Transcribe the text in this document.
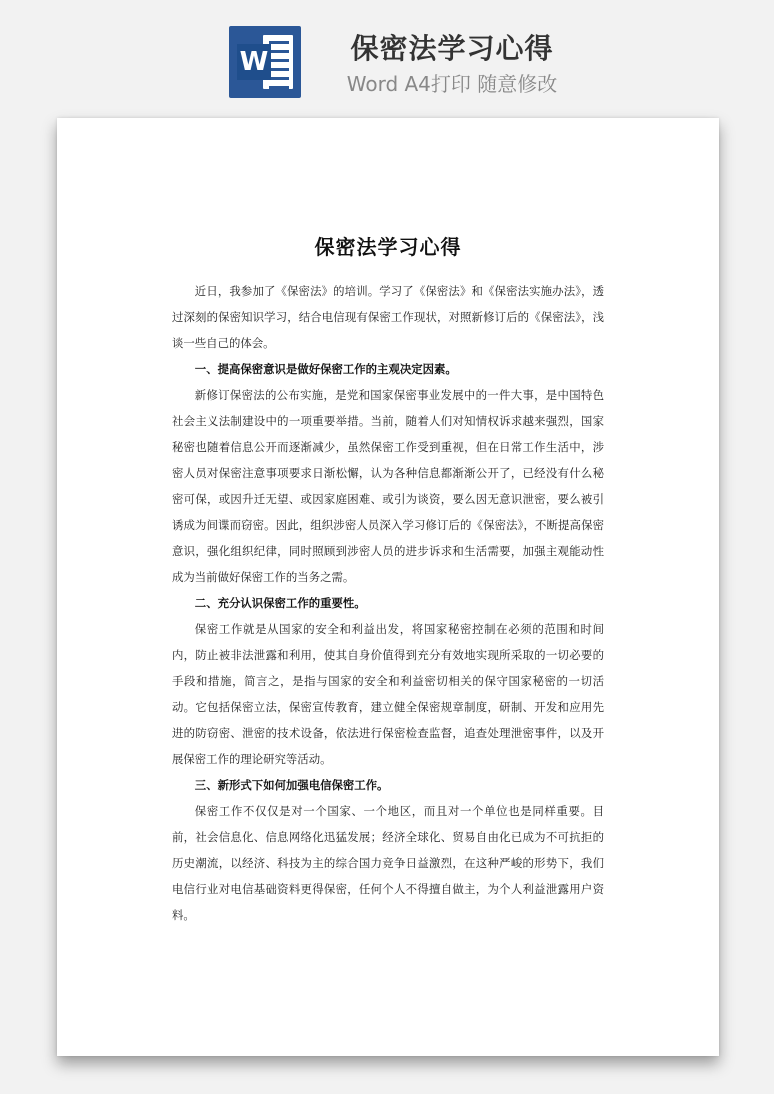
W	保密法学习心得
Word A4打印 随意修改
保密法学习心得

近日，我参加了《保密法》的培训。学习了《保密法》和《保密法实施办法》，透过深刻的保密知识学习，结合电信现有保密工作现状，对照新修订后的《保密法》，浅谈一些自己的体会。

一、提高保密意识是做好保密工作的主观决定因素。

新修订保密法的公布实施，是党和国家保密事业发展中的一件大事，是中国特色社会主义法制建设中的一项重要举措。当前，随着人们对知情权诉求越来强烈，国家秘密也随着信息公开而逐渐减少，虽然保密工作受到重视，但在日常工作生活中，涉密人员对保密注意事项要求日渐松懈，认为各种信息都渐渐公开了，已经没有什么秘密可保，或因升迁无望、或因家庭困难、或引为谈资，要么因无意识泄密，要么被引诱成为间谍而窃密。因此，组织涉密人员深入学习修订后的《保密法》，不断提高保密意识，强化组织纪律，同时照顾到涉密人员的进步诉求和生活需要，加强主观能动性成为当前做好保密工作的当务之需。

二、充分认识保密工作的重要性。

保密工作就是从国家的安全和利益出发，将国家秘密控制在必须的范围和时间内，防止被非法泄露和利用，使其自身价值得到充分有效地实现所采取的一切必要的手段和措施，简言之，是指与国家的安全和利益密切相关的保守国家秘密的一切活动。它包括保密立法，保密宣传教育，建立健全保密规章制度，研制、开发和应用先进的防窃密、泄密的技术设备，依法进行保密检查监督，追查处理泄密事件，以及开展保密工作的理论研究等活动。

三、新形式下如何加强电信保密工作。

保密工作不仅仅是对一个国家、一个地区，而且对一个单位也是同样重要。目前，社会信息化、信息网络化迅猛发展；经济全球化、贸易自由化已成为不可抗拒的历史潮流，以经济、科技为主的综合国力竞争日益激烈，在这种严峻的形势下，我们电信行业对电信基础资料更得保密，任何个人不得擅自做主，为个人利益泄露用户资料。
